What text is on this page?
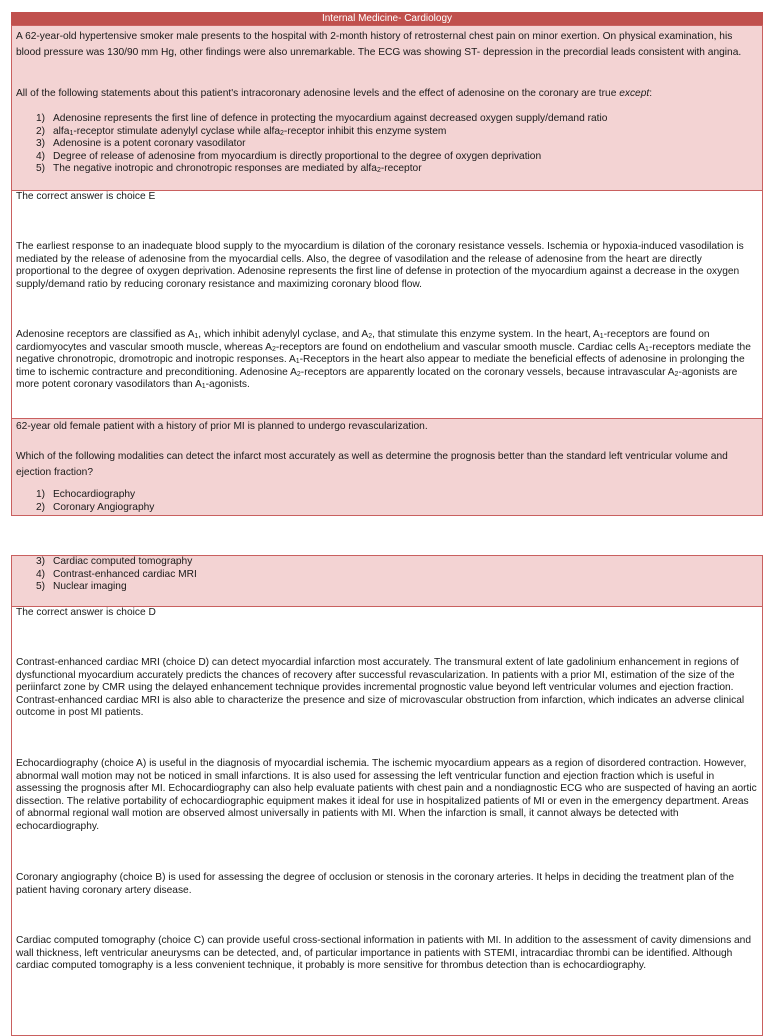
Internal Medicine- Cardiology

A 62-year-old hypertensive smoker male presents to the hospital with 2-month history of retrosternal chest pain on minor exertion. On physical examination, his blood pressure was 130/90 mm Hg, other findings were also unremarkable. The ECG was showing ST- depression in the precordial leads consistent with angina.

All of the following statements about this patient's intracoronary adenosine levels and the effect of adenosine on the coronary are true except:

1) Adenosine represents the first line of defence in protecting the myocardium against decreased oxygen supply/demand ratio
2) alfa$_1$-receptor stimulate adenylyl cyclase while alfa$_2$-receptor inhibit this enzyme system
3) Adenosine is a potent coronary vasodilator
4) Degree of release of adenosine from myocardium is directly proportional to the degree of oxygen deprivation
5) The negative inotropic and chronotropic responses are mediated by alfa$_2$-receptor

The correct answer is choice E

The earliest response to an inadequate blood supply to the myocardium is dilation of the coronary resistance vessels. Ischemia or hypoxia-induced vasodilation is mediated by the release of adenosine from the myocardial cells. Also, the degree of vasodilation and the release of adenosine from the heart are directly proportional to the degree of oxygen deprivation. Adenosine represents the first line of defense in protection of the myocardium against a decrease in the oxygen supply/demand ratio by reducing coronary resistance and maximizing coronary blood flow.

Adenosine receptors are classified as $A_1$, which inhibit adenylyl cyclase, and $A_2$, that stimulate this enzyme system. In the heart, $A_1$-receptors are found on cardiomyocytes and vascular smooth muscle, whereas $A_2$-receptors are found on endothelium and vascular smooth muscle. Cardiac cells $A_1$-receptors mediate the negative chronotropic, dromotropic and inotropic responses. $A_1$-Receptors in the heart also appear to mediate the beneficial effects of adenosine in prolonging the time to ischemic contracture and preconditioning. Adenosine $A_2$-receptors are apparently located on the coronary vessels, because intravascular $A_2$-agonists are more potent coronary vasodilators than $A_1$-agonists.

62-year old female patient with a history of prior MI is planned to undergo revascularization.

Which of the following modalities can detect the infarct most accurately as well as determine the prognosis better than the standard left ventricular volume and ejection fraction?

1) Echocardiography
2) Coronary Angiography
3) Cardiac computed tomography
4) Contrast-enhanced cardiac MRI
5) Nuclear imaging

The correct answer is choice D

Contrast-enhanced cardiac MRI (choice D) can detect myocardial infarction most accurately. The transmural extent of late gadolinium enhancement in regions of dysfunctional myocardium accurately predicts the chances of recovery after successful revascularization. In patients with a prior MI, estimation of the size of the periinfarct zone by CMR using the delayed enhancement technique provides incremental prognostic value beyond left ventricular volumes and ejection fraction. Contrast-enhanced cardiac MRI is also able to characterize the presence and size of microvascular obstruction from infarction, which indicates an adverse clinical outcome in post MI patients.

Echocardiography (choice A) is useful in the diagnosis of myocardial ischemia. The ischemic myocardium appears as a region of disordered contraction. However, abnormal wall motion may not be noticed in small infarctions. It is also used for assessing the left ventricular function and ejection fraction which is useful in assessing the prognosis after MI. Echocardiography can also help evaluate patients with chest pain and a nondiagnostic ECG who are suspected of having an aortic dissection. The relative portability of echocardiographic equipment makes it ideal for use in hospitalized patients of MI or even in the emergency department. Areas of abnormal regional wall motion are observed almost universally in patients with MI. When the infarction is small, it cannot always be detected with echocardiography.

Coronary angiography (choice B) is used for assessing the degree of occlusion or stenosis in the coronary arteries. It helps in deciding the treatment plan of the patient having coronary artery disease.

Cardiac computed tomography (choice C) can provide useful cross-sectional information in patients with MI. In addition to the assessment of cavity dimensions and wall thickness, left ventricular aneurysms can be detected, and, of particular importance in patients with STEMI, intracardiac thrombi can be identified. Although cardiac computed tomography is a less convenient technique, it probably is more sensitive for thrombus detection than is echocardiography.
